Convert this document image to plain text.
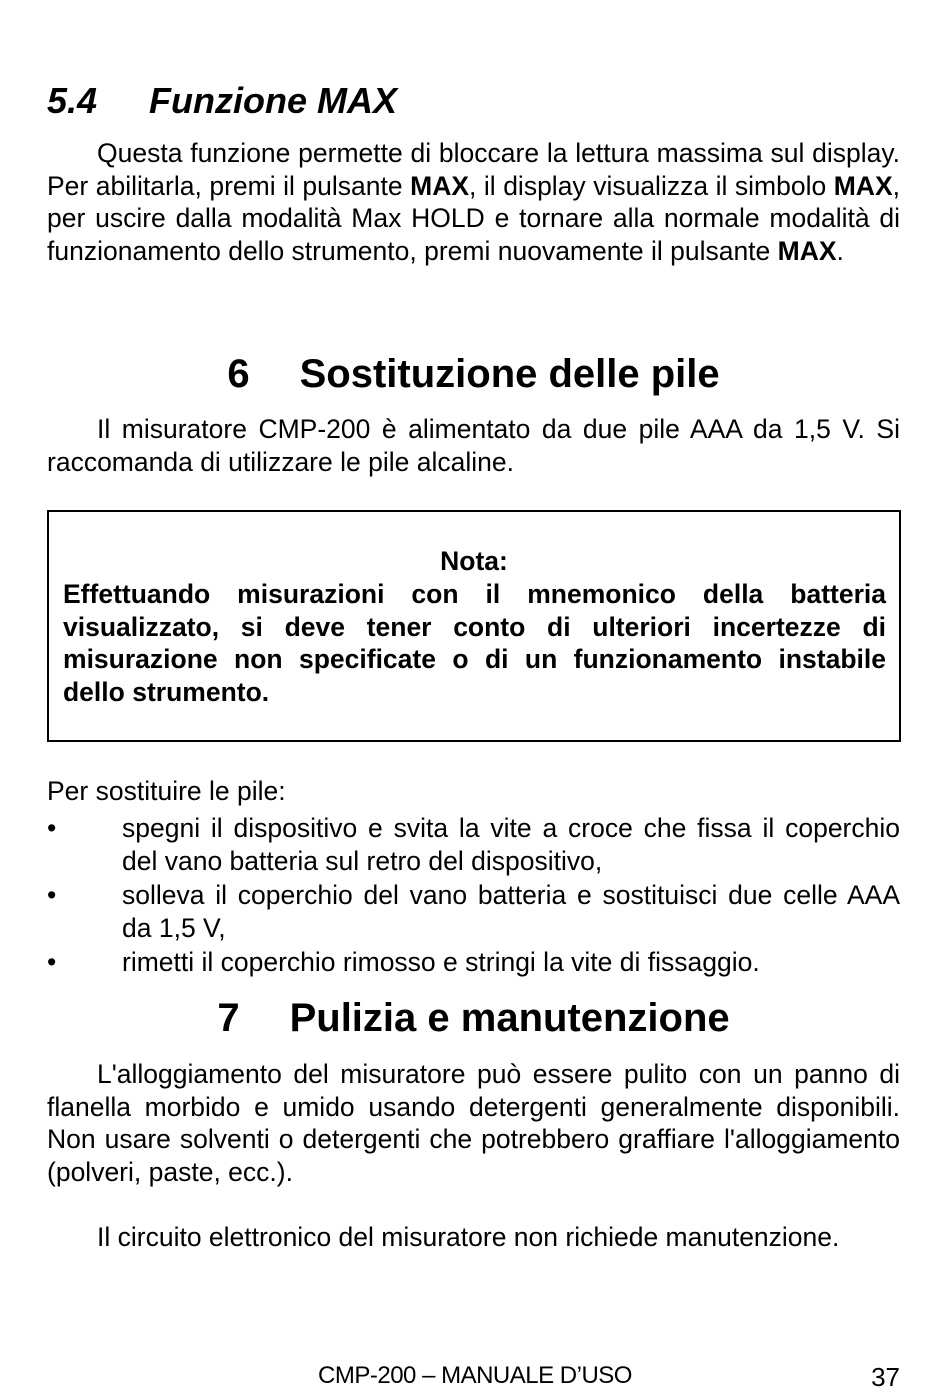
5.4 Funzione MAX

Questa funzione permette di bloccare la lettura massima sul display. Per abilitarla, premi il pulsante MAX, il display visualizza il simbolo MAX, per uscire dalla modalità Max HOLD e tornare alla normale modalità di funzionamento dello strumento, premi nuovamente il pulsante MAX.

6 Sostituzione delle pile

Il misuratore CMP-200 è alimentato da due pile AAA da 1,5 V. Si raccomanda di utilizzare le pile alcaline.

Nota:

Effettuando misurazioni con il mnemonico della batteria visualizzato, si deve tener conto di ulteriori incertezze di misurazione non specificate o di un funzionamento instabile dello strumento.

Per sostituire le pile:

•	spegni il dispositivo e svita la vite a croce che fissa il coperchio del vano batteria sul retro del dispositivo,
•	solleva il coperchio del vano batteria e sostituisci due celle AAA da 1,5 V,
•	rimetti il coperchio rimosso e stringi la vite di fissaggio.
7 Pulizia e manutenzione

L'alloggiamento del misuratore può essere pulito con un panno di flanella morbido e umido usando detergenti generalmente disponibili. Non usare solventi o detergenti che potrebbero graffiare l'alloggiamento (polveri, paste, ecc.).

Il circuito elettronico del misuratore non richiede manutenzione.

CMP-200 – MANUALE D’USO	37
